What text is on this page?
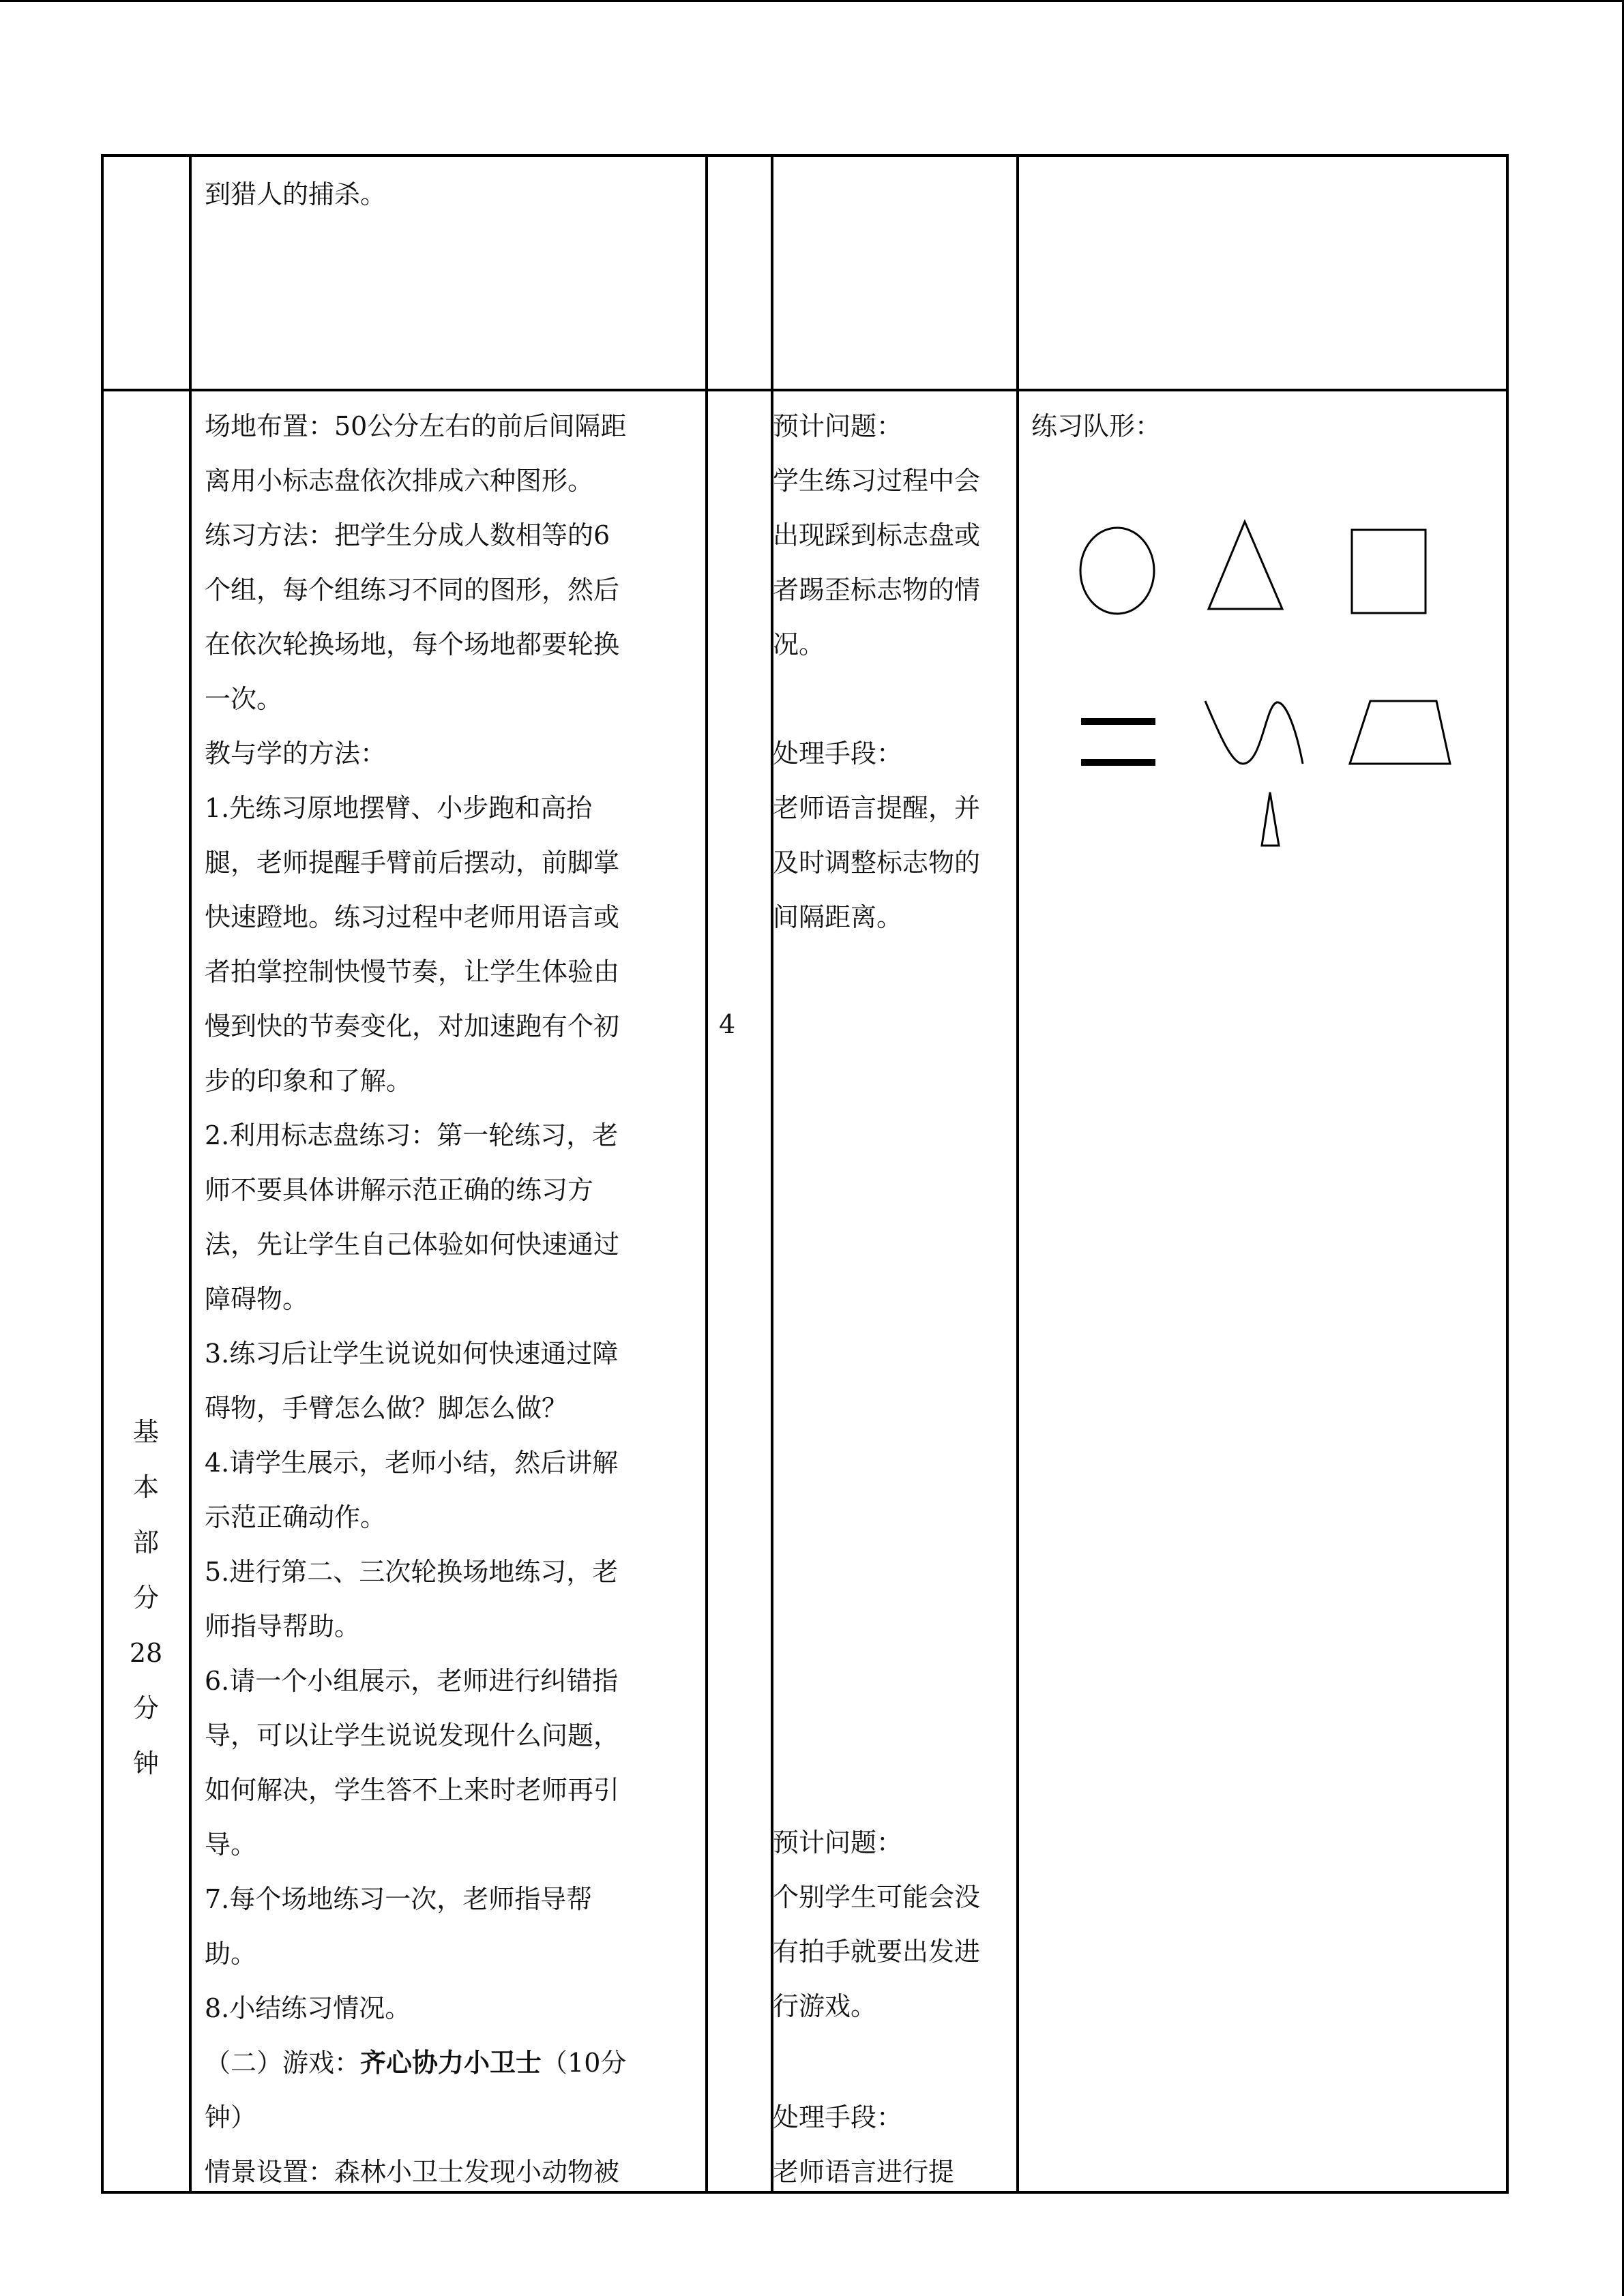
到猎人的捕杀。

基
本
部
分
28
分
钟

场地布置：50公分左右的前后间隔距

离用小标志盘依次排成六种图形。

练习方法：把学生分成人数相等的6

个组，每个组练习不同的图形，然后

在依次轮换场地，每个场地都要轮换

一次。

教与学的方法：

1.先练习原地摆臂、小步跑和高抬

腿，老师提醒手臂前后摆动，前脚掌

快速蹬地。练习过程中老师用语言或

者拍掌控制快慢节奏，让学生体验由

慢到快的节奏变化，对加速跑有个初

步的印象和了解。

2.利用标志盘练习：第一轮练习，老

师不要具体讲解示范正确的练习方

法，先让学生自己体验如何快速通过

障碍物。

3.练习后让学生说说如何快速通过障

碍物，手臂怎么做？脚怎么做？

4.请学生展示，老师小结，然后讲解

示范正确动作。

5.进行第二、三次轮换场地练习，老

师指导帮助。

6.请一个小组展示，老师进行纠错指

导，可以让学生说说发现什么问题，

如何解决，学生答不上来时老师再引

导。

7.每个场地练习一次，老师指导帮

助。

8.小结练习情况。

（二）游戏：齐心协力小卫士（10分

钟）

情景设置：森林小卫士发现小动物被

4

预计问题：

学生练习过程中会

出现踩到标志盘或

者踢歪标志物的情

况。

处理手段：

老师语言提醒，并

及时调整标志物的

间隔距离。

预计问题：

个别学生可能会没

有拍手就要出发进

行游戏。

处理手段：

老师语言进行提

练习队形：
